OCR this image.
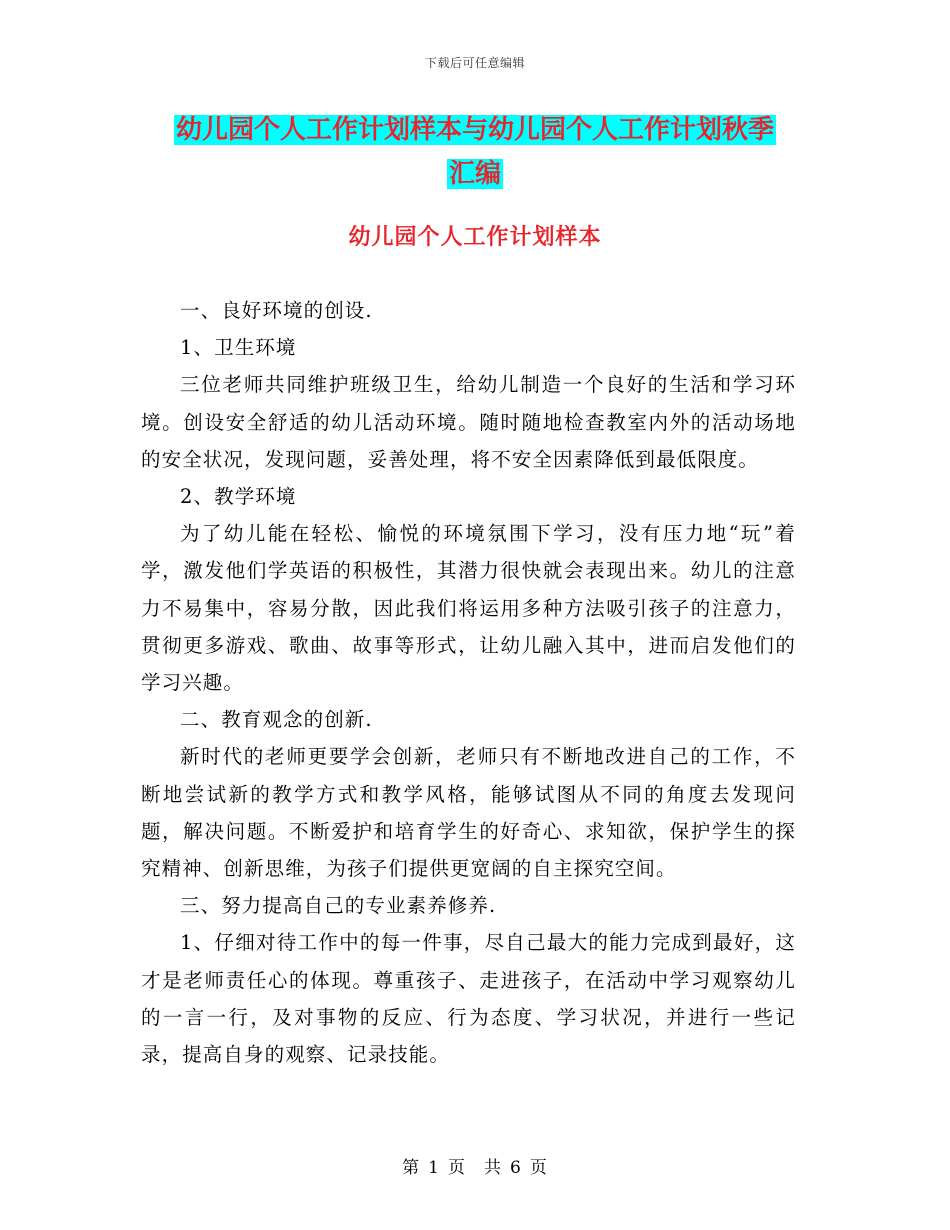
下载后可任意编辑
幼儿园个人工作计划样本与幼儿园个人工作计划秋季
汇编
幼儿园个人工作计划样本

一、良好环境的创设.

1、卫生环境

三位老师共同维护班级卫生，给幼儿制造一个良好的生活和学习环境。创设安全舒适的幼儿活动环境。随时随地检查教室内外的活动场地的安全状况，发现问题，妥善处理，将不安全因素降低到最低限度。

2、教学环境

为了幼儿能在轻松、愉悦的环境氛围下学习，没有压力地“玩”着学，激发他们学英语的积极性，其潜力很快就会表现出来。幼儿的注意力不易集中，容易分散，因此我们将运用多种方法吸引孩子的注意力，贯彻更多游戏、歌曲、故事等形式，让幼儿融入其中，进而启发他们的学习兴趣。

二、教育观念的创新.

新时代的老师更要学会创新，老师只有不断地改进自己的工作，不断地尝试新的教学方式和教学风格，能够试图从不同的角度去发现问题，解决问题。不断爱护和培育学生的好奇心、求知欲，保护学生的探究精神、创新思维，为孩子们提供更宽阔的自主探究空间。

三、努力提高自己的专业素养修养.

1、仔细对待工作中的每一件事，尽自己最大的能力完成到最好，这才是老师责任心的体现。尊重孩子、走进孩子，在活动中学习观察幼儿的一言一行，及对事物的反应、行为态度、学习状况，并进行一些记录，提高自身的观察、记录技能。

第 1 页　共 6 页
